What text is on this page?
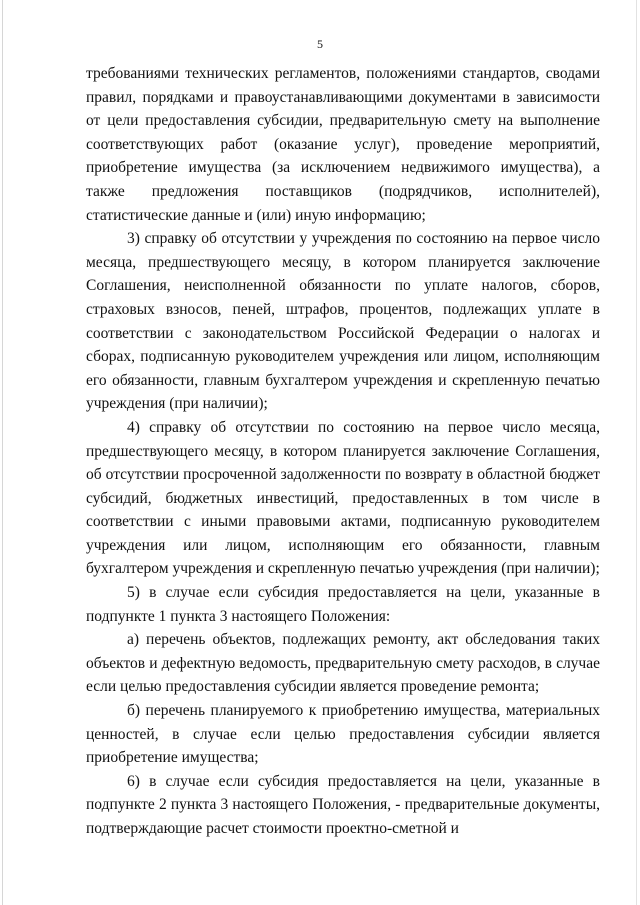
5

требованиями технических регламентов, положениями стандартов, сводами правил, порядками и правоустанавливающими документами в зависимости от цели предоставления субсидии, предварительную смету на выполнение соответствующих работ (оказание услуг), проведение мероприятий, приобретение имущества (за исключением недвижимого имущества), а также предложения поставщиков (подрядчиков, исполнителей), статистические данные и (или) иную информацию;

3) справку об отсутствии у учреждения по состоянию на первое число месяца, предшествующего месяцу, в котором планируется заключение Соглашения, неисполненной обязанности по уплате налогов, сборов, страховых взносов, пеней, штрафов, процентов, подлежащих уплате в соответствии с законодательством Российской Федерации о налогах и сборах, подписанную руководителем учреждения или лицом, исполняющим его обязанности, главным бухгалтером учреждения и скрепленную печатью учреждения (при наличии);

4) справку об отсутствии по состоянию на первое число месяца, предшествующего месяцу, в котором планируется заключение Соглашения, об отсутствии просроченной задолженности по возврату в областной бюджет субсидий, бюджетных инвестиций, предоставленных в том числе в соответствии с иными правовыми актами, подписанную руководителем учреждения или лицом, исполняющим его обязанности, главным бухгалтером учреждения и скрепленную печатью учреждения (при наличии);

5) в случае если субсидия предоставляется на цели, указанные в подпункте 1 пункта 3 настоящего Положения:

а) перечень объектов, подлежащих ремонту, акт обследования таких объектов и дефектную ведомость, предварительную смету расходов, в случае если целью предоставления субсидии является проведение ремонта;

б) перечень планируемого к приобретению имущества, материальных ценностей, в случае если целью предоставления субсидии является приобретение имущества;

6) в случае если субсидия предоставляется на цели, указанные в подпункте 2 пункта 3 настоящего Положения, - предварительные документы, подтверждающие расчет стоимости проектно-сметной и
